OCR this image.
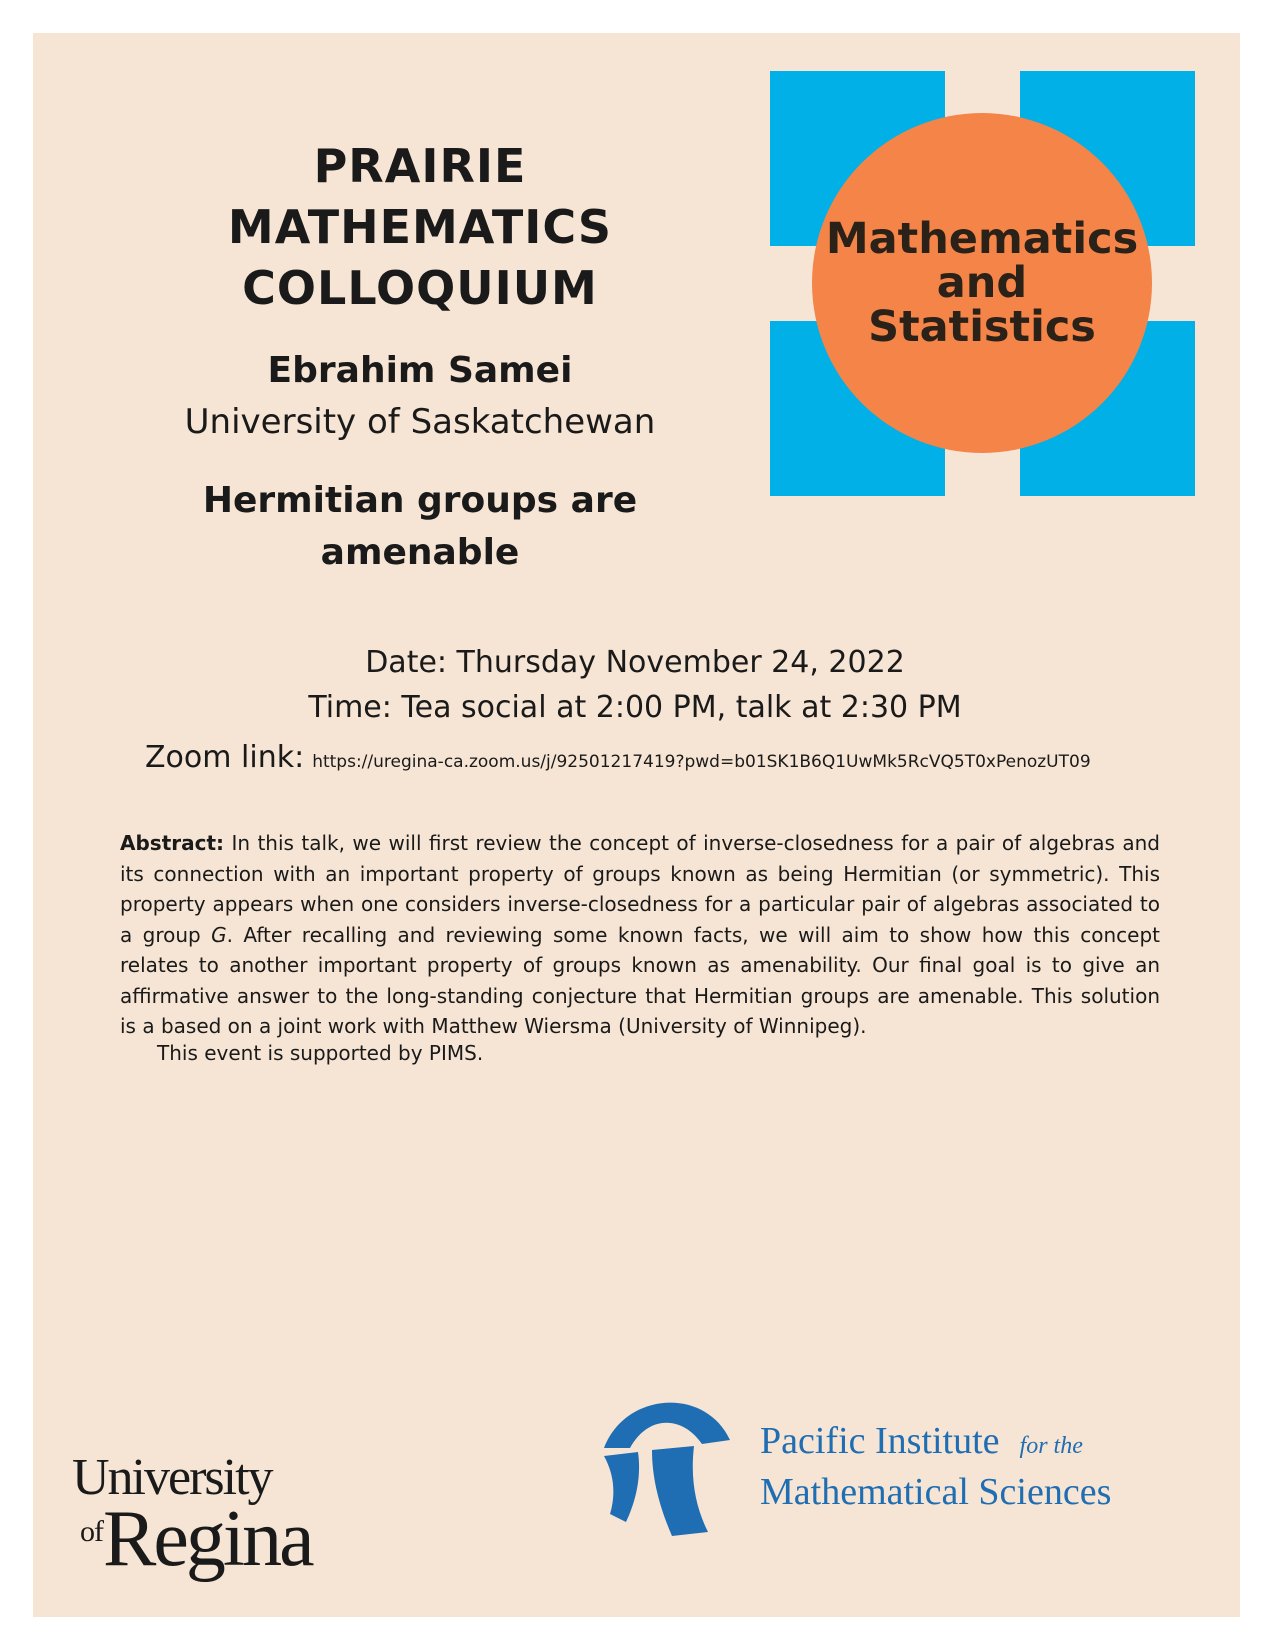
PRAIRIE
MATHEMATICS
COLLOQUIUM
Ebrahim Samei
University of Saskatchewan
Hermitian groups are
amenable
Mathematics
and
Statistics
Date: Thursday November 24, 2022
Time: Tea social at 2:00 PM, talk at 2:30 PM
Zoom link: https://uregina-ca.zoom.us/j/92501217419?pwd=b01SK1B6Q1UwMk5RcVQ5T0xPenozUT09
Abstract: In this talk, we will first review the concept of inverse-closedness for a pair of algebras and its connection with an important property of groups known as being Hermitian (or symmetric). This property appears when one considers inverse-closedness for a particular pair of algebras associated to a group G. After recalling and reviewing some known facts, we will aim to show how this concept relates to another important property of groups known as amenability. Our final goal is to give an affirmative answer to the long-standing conjecture that Hermitian groups are amenable. This solution is a based on a joint work with Matthew Wiersma (University of Winnipeg).
This event is supported by PIMS.
University
ofRegina
Pacific Institute for the
Mathematical Sciences
